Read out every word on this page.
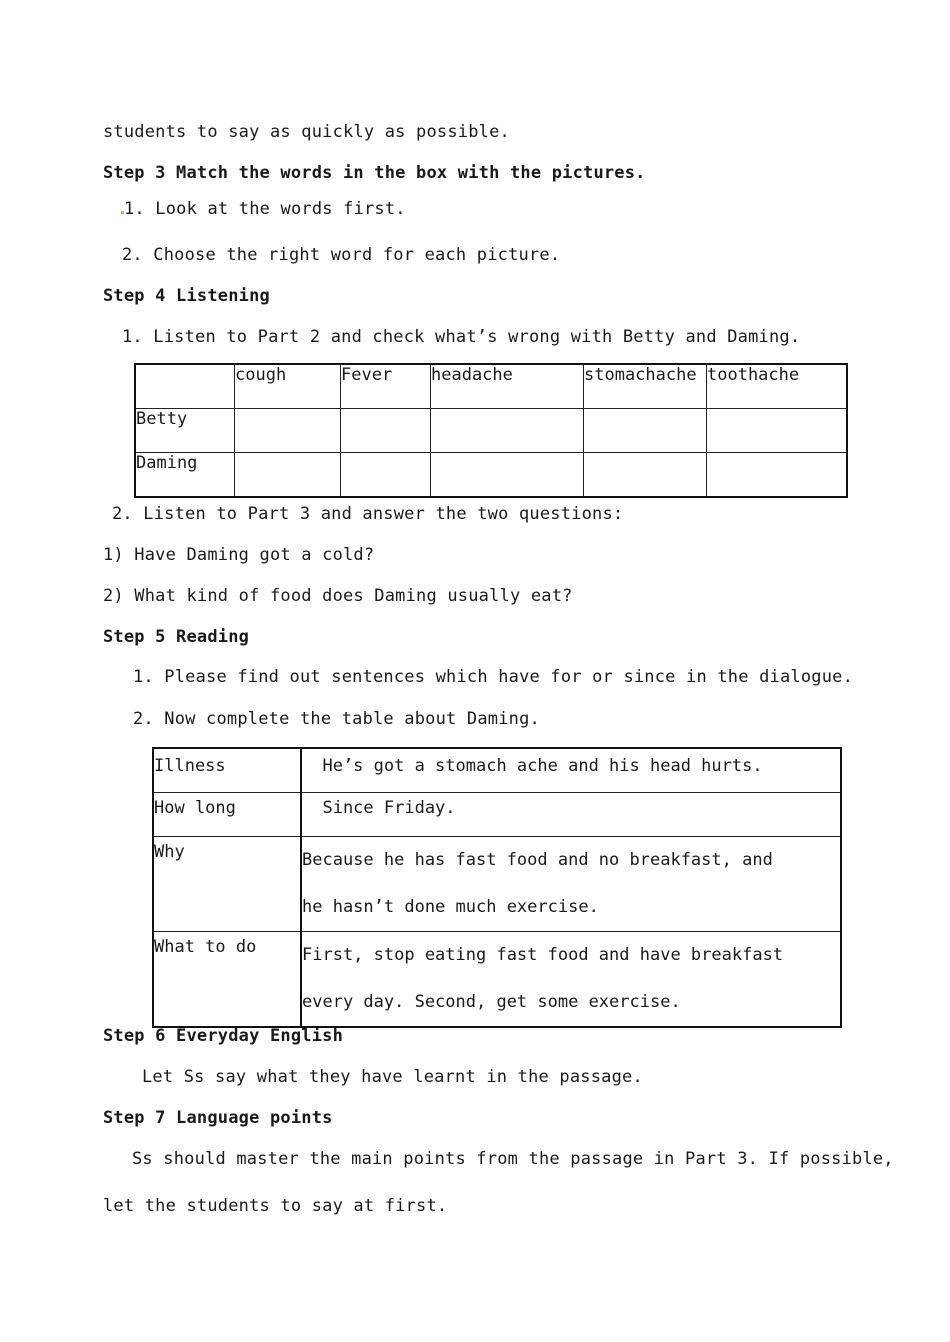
students to say as quickly as possible.
Step 3 Match the words in the box with the pictures.
1. Look at the words first.
2. Choose the right word for each picture.
Step 4 Listening
1. Listen to Part 2 and check what’s wrong with Betty and Daming.
	cough	Fever	headache	stomachache	toothache
Betty					
Daming					
2. Listen to Part 3 and answer the two questions:
1) Have Daming got a cold?
2) What kind of food does Daming usually eat?
Step 5 Reading
1. Please find out sentences which have for or since in the dialogue.
2. Now complete the table about Daming.
Illness	He’s got a stomach ache and his head hurts.
How long	Since Friday.
Why	Because he has fast food and no breakfast, and he hasn’t done much exercise.
What to do	First, stop eating fast food and have breakfast every day. Second, get some exercise.
Step 6 Everyday English
Let Ss say what they have learnt in the passage.
Step 7 Language points
Ss should master the main points from the passage in Part 3. If possible,
let the students to say at first.
